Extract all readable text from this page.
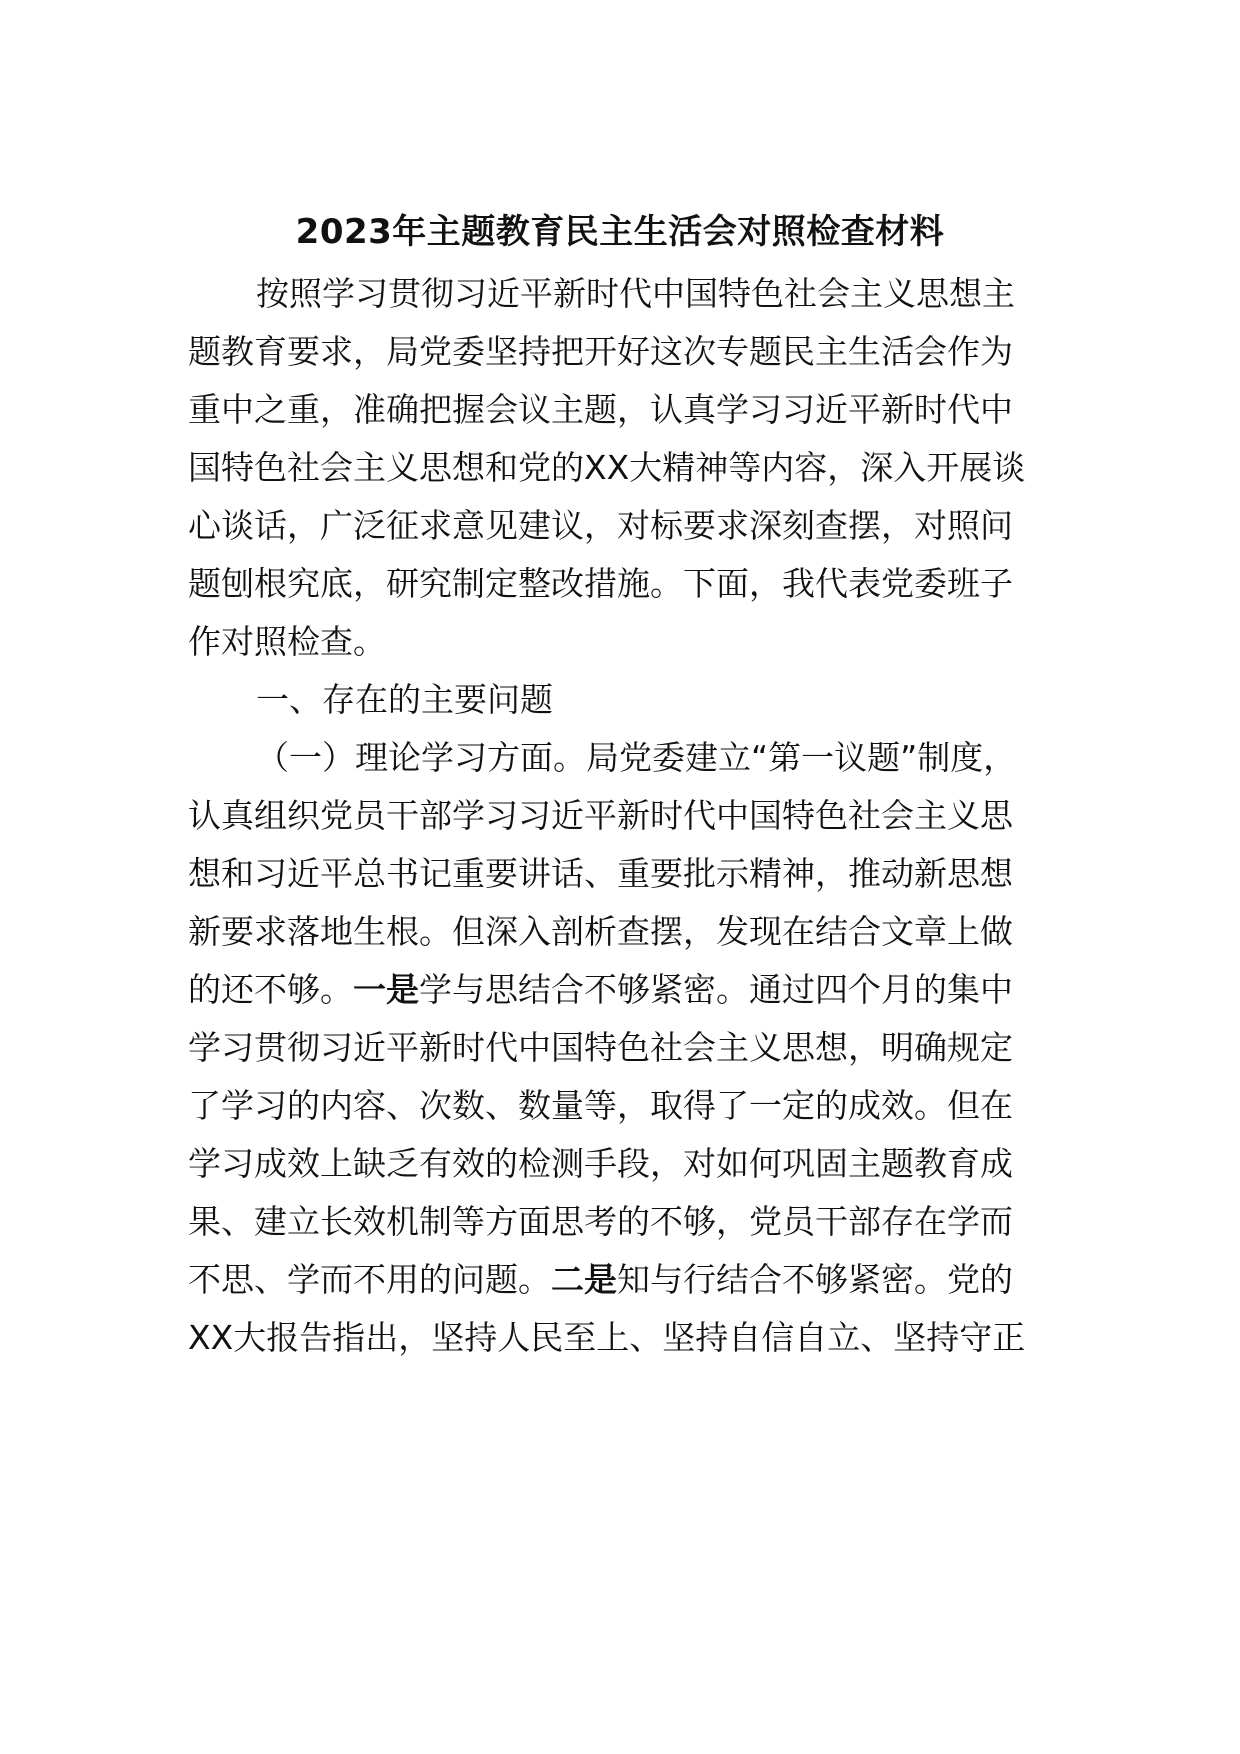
2023年主题教育民主生活会对照检查材料
按照学习贯彻习近平新时代中国特色社会主义思想主
题教育要求，局党委坚持把开好这次专题民主生活会作为
重中之重，准确把握会议主题，认真学习习近平新时代中
国特色社会主义思想和党的XX大精神等内容，深入开展谈
心谈话，广泛征求意见建议，对标要求深刻查摆，对照问
题刨根究底，研究制定整改措施。下面，我代表党委班子
作对照检查。
一、存在的主要问题
（一）理论学习方面。局党委建立“第一议题”制度，
认真组织党员干部学习习近平新时代中国特色社会主义思
想和习近平总书记重要讲话、重要批示精神，推动新思想
新要求落地生根。但深入剖析查摆，发现在结合文章上做
的还不够。一是学与思结合不够紧密。通过四个月的集中
学习贯彻习近平新时代中国特色社会主义思想，明确规定
了学习的内容、次数、数量等，取得了一定的成效。但在
学习成效上缺乏有效的检测手段，对如何巩固主题教育成
果、建立长效机制等方面思考的不够，党员干部存在学而
不思、学而不用的问题。二是知与行结合不够紧密。党的
XX大报告指出，坚持人民至上、坚持自信自立、坚持守正
